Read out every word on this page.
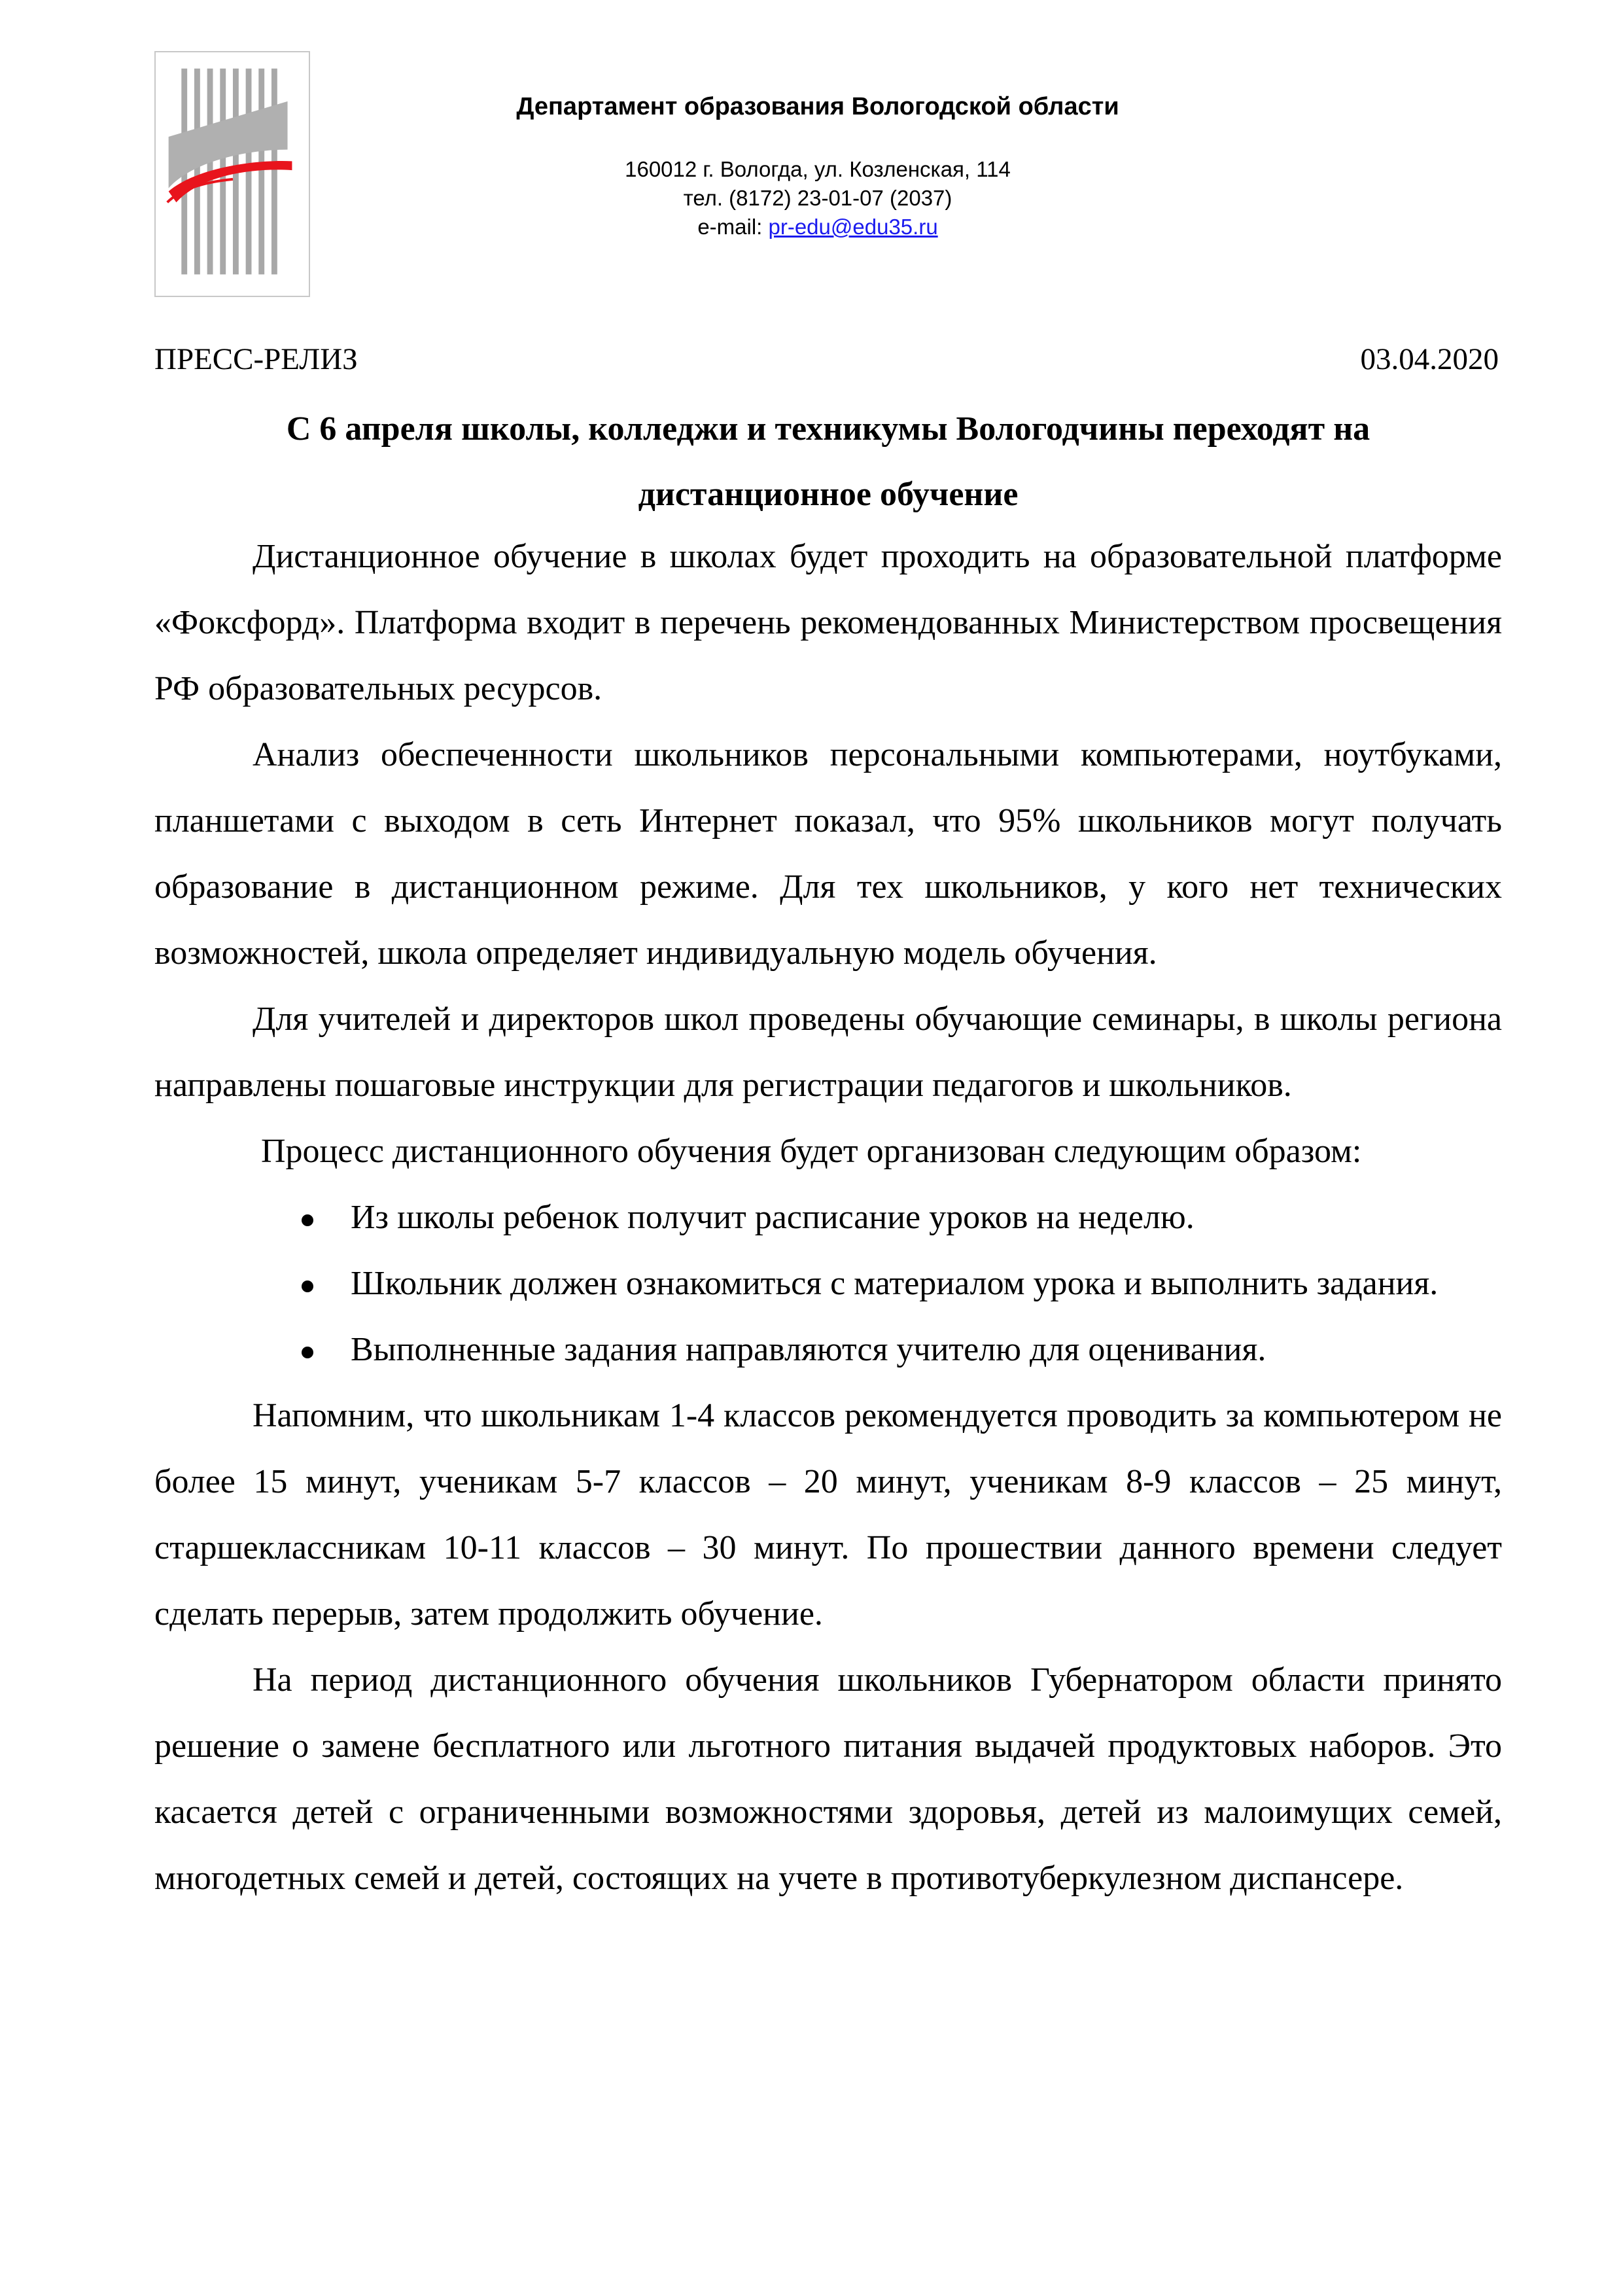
Департамент образования Вологодской области
160012 г. Вологда, ул. Козленская, 114
тел. (8172) 23-01-07 (2037)
e-mail: pr-edu@edu35.ru
ПРЕСС-РЕЛИЗ	03.04.2020
С 6 апреля школы, колледжи и техникумы Вологодчины переходят на
дистанционное обучение

Дистанционное обучение в школах будет проходить на образовательной платформе «Фоксфорд». Платформа входит в перечень рекомендованных Министерством просвещения РФ образовательных ресурсов.

Анализ обеспеченности школьников персональными компьютерами, ноутбуками, планшетами с выходом в сеть Интернет показал, что 95% школьников могут получать образование в дистанционном режиме. Для тех школьников, у кого нет технических возможностей, школа определяет индивидуальную модель обучения.

Для учителей и директоров школ проведены обучающие семинары, в школы региона направлены пошаговые инструкции для регистрации педагогов и школьников.

Процесс дистанционного обучения будет организован следующим образом:

Из школы ребенок получит расписание уроков на неделю.
Школьник должен ознакомиться с материалом урока и выполнить задания.
Выполненные задания направляются учителю для оценивания.

Напомним, что школьникам 1-4 классов рекомендуется проводить за компьютером не более 15 минут, ученикам 5-7 классов – 20 минут, ученикам 8-9 классов – 25 минут, старшеклассникам 10-11 классов – 30 минут. По прошествии данного времени следует сделать перерыв, затем продолжить обучение.

На период дистанционного обучения школьников Губернатором области принято решение о замене бесплатного или льготного питания выдачей продуктовых наборов. Это касается детей с ограниченными возможностями здоровья, детей из малоимущих семей, многодетных семей и детей, состоящих на учете в противотуберкулезном диспансере.
